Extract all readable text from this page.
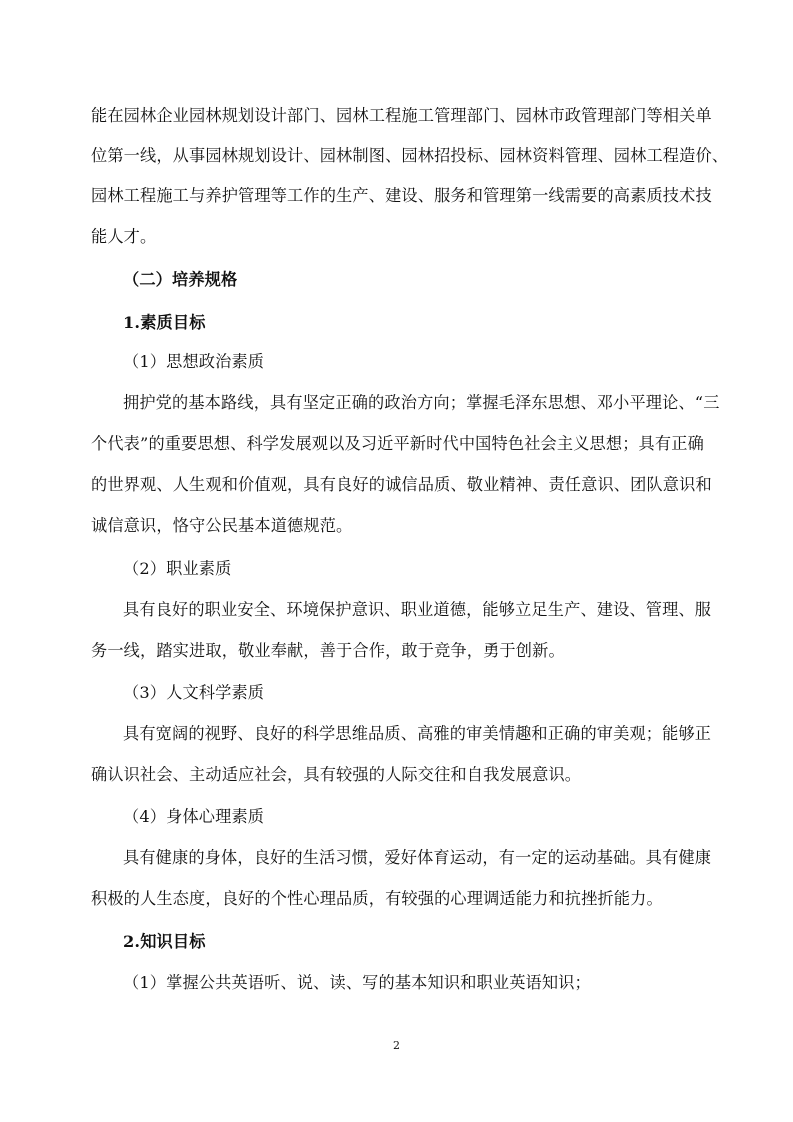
能在园林企业园林规划设计部门、园林工程施工管理部门、园林市政管理部门等相关单
位第一线，从事园林规划设计、园林制图、园林招投标、园林资料管理、园林工程造价、
园林工程施工与养护管理等工作的生产、建设、服务和管理第一线需要的高素质技术技
能人才。
（二）培养规格
1.素质目标
（1）思想政治素质
拥护党的基本路线，具有坚定正确的政治方向；掌握毛泽东思想、邓小平理论、“三
个代表”的重要思想、科学发展观以及习近平新时代中国特色社会主义思想；具有正确
的世界观、人生观和价值观，具有良好的诚信品质、敬业精神、责任意识、团队意识和
诚信意识，恪守公民基本道德规范。
（2）职业素质
具有良好的职业安全、环境保护意识、职业道德，能够立足生产、建设、管理、服
务一线，踏实进取，敬业奉献，善于合作，敢于竞争，勇于创新。
（3）人文科学素质
具有宽阔的视野、良好的科学思维品质、高雅的审美情趣和正确的审美观；能够正
确认识社会、主动适应社会，具有较强的人际交往和自我发展意识。
（4）身体心理素质
具有健康的身体，良好的生活习惯，爱好体育运动，有一定的运动基础。具有健康
积极的人生态度，良好的个性心理品质，有较强的心理调适能力和抗挫折能力。
2.知识目标
（1）掌握公共英语听、说、读、写的基本知识和职业英语知识；
2
